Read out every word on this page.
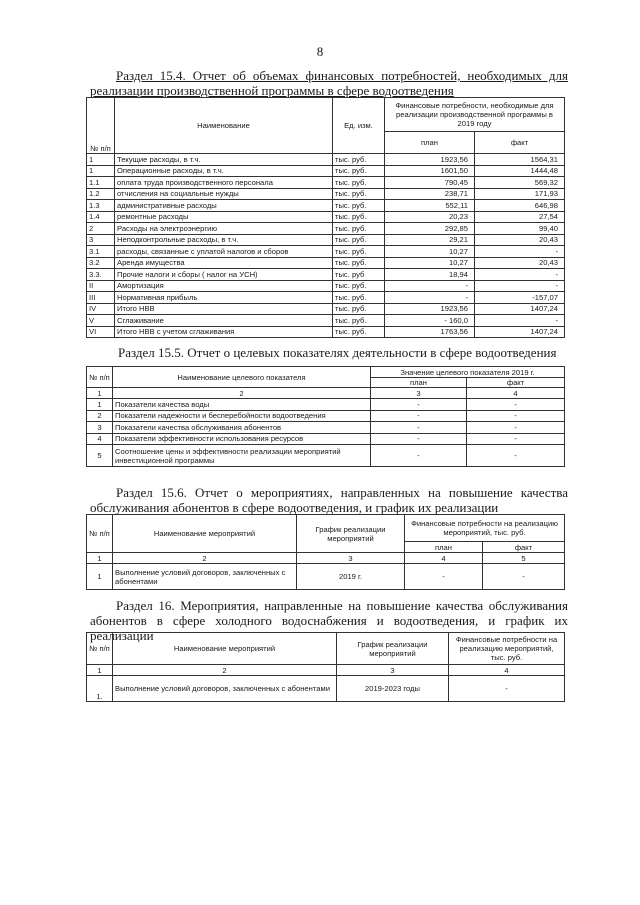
8
Раздел 15.4. Отчет об объемах финансовых потребностей, необходимых для реализации производственной программы в сфере водоотведения
№ п/п	Наименование	Ед. изм.	Финансовые потребности, необходимые для реализации производственной программы в 2019 году	
			план	факт
1	Текущие расходы, в т.ч.	тыс. руб.	1923,56	1564,31
1	Операционные расходы, в т.ч.	тыс. руб.	1601,50	1444,48
1.1	оплата труда производственного персонала	тыс. руб.	790,45	569,32
1.2	отчисления на социальные нужды	тыс. руб.	238,71	171,93
1.3	административные расходы	тыс. руб.	552,11	646,98
1.4	ремонтные расходы	тыс. руб.	20,23	27,54
2	Расходы на электроэнергию	тыс. руб.	292,85	99,40
3	Неподконтрольные расходы, в т.ч.	тыс. руб.	29,21	20,43
3.1	расходы, связанные с уплатой налогов и сборов	тыс. руб.	10,27	-
3.2	Аренда имущества	тыс. руб.	10,27	20,43
3.3.	Прочие налоги и сборы ( налог на УСН)	тыс. руб	18,94	-
II	Амортизация	тыс. руб.	-	-
III	Нормативная прибыль	тыс. руб.	-	-157,07
IV	Итого НВВ	тыс. руб.	1923,56	1407,24
V	Сглаживание	тыс. руб.	- 160,0	-
VI	Итого НВВ с учетом сглаживания	тыс. руб.	1763,56	1407,24
Раздел 15.5. Отчет о целевых показателях деятельности в сфере водоотведения
№ п/п	Наименование целевого показателя	Значение целевого показателя 2019 г.	
		план	факт
1	2	3	4
1	Показатели качества воды	-	-
2	Показатели надежности и бесперебойности водоотведения	-	-
3	Показатели качества обслуживания абонентов	-	-
4	Показатели эффективности использования ресурсов	-	-
5	Соотношение цены и эффективности реализации мероприятий инвестиционной программы	-	-
Раздел 15.6. Отчет о мероприятиях, направленных на повышение качества обслуживания абонентов в сфере водоотведения, и график их реализации
№ п/п	Наименование мероприятий	График реализации мероприятий	Финансовые потребности на реализацию мероприятий, тыс. руб.	
			план	факт
1	2	3	4	5
1	Выполнение условий договоров, заключенных с абонентами	2019 г.	-	-
Раздел 16. Мероприятия, направленные на повышение качества обслуживания абонентов в сфере холодного водоснабжения и водоотведения, и график их реализации
№ п/п	Наименование мероприятий	График реализации мероприятий	Финансовые потребности на реализацию мероприятий, тыс. руб.
1	2	3	4
1.	Выполнение условий договоров, заключенных с абонентами	2019-2023 годы	-
